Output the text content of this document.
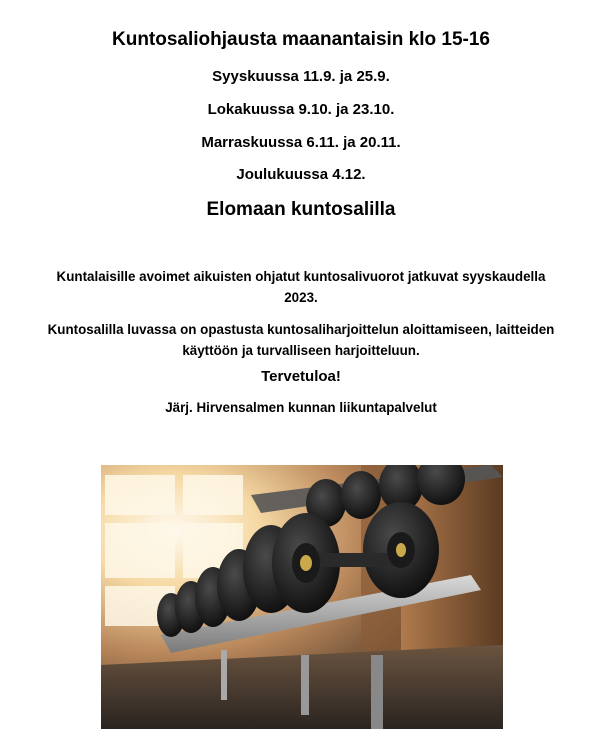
Kuntosaliohjausta maanantaisin klo 15-16
Syyskuussa 11.9. ja 25.9.
Lokakuussa 9.10. ja 23.10.
Marraskuussa 6.11. ja 20.11.
Joulukuussa 4.12.
Elomaan kuntosalilla
Kuntalaisille avoimet aikuisten ohjatut kuntosalivuorot jatkuvat syyskaudella
2023.
Kuntosalilla luvassa on opastusta kuntosaliharjoittelun aloittamiseen, laitteiden
käyttöön ja turvalliseen harjoitteluun.
Tervetuloa!
Järj. Hirvensalmen kunnan liikuntapalvelut
